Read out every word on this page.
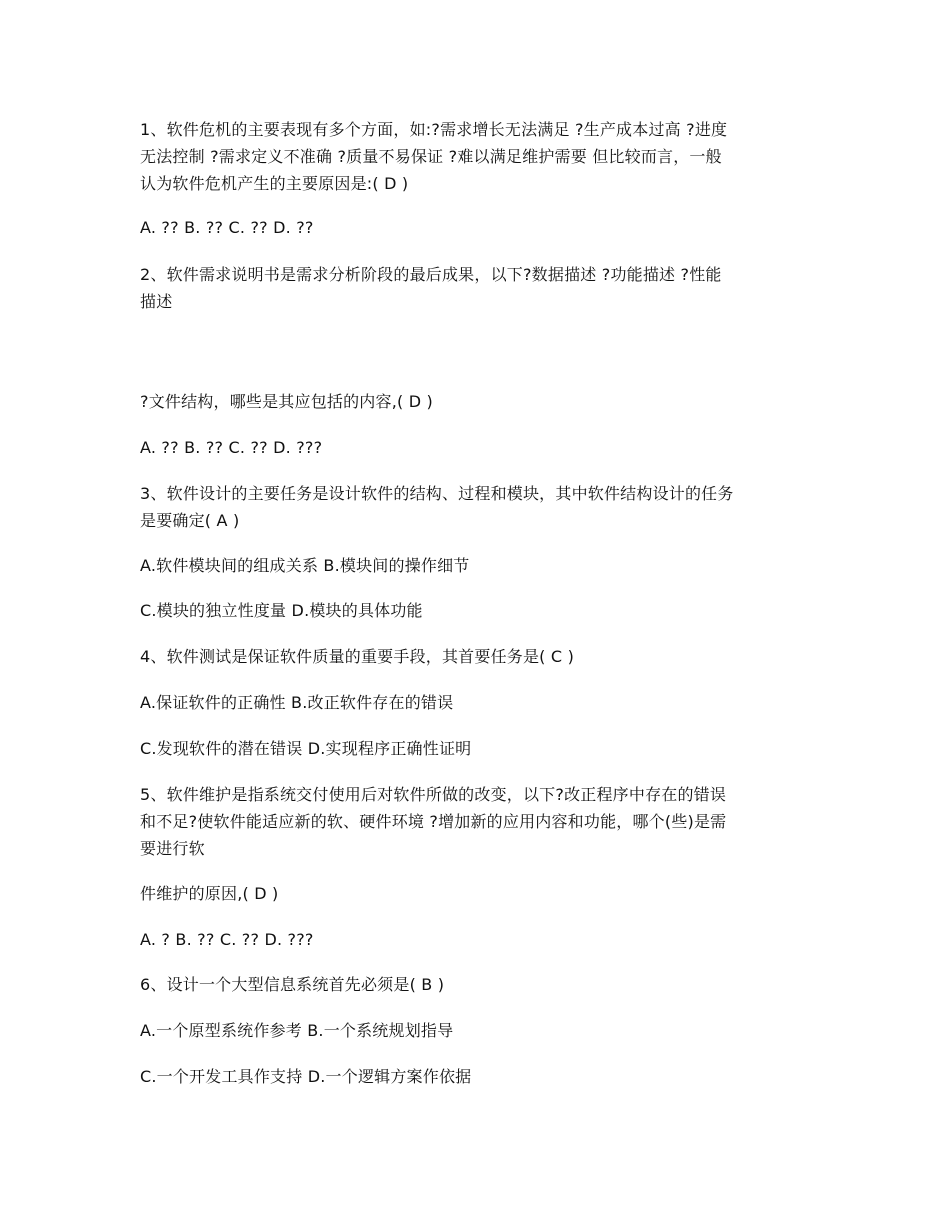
1、软件危机的主要表现有多个方面，如:?需求增长无法满足 ?生产成本过高 ?进度
无法控制 ?需求定义不准确 ?质量不易保证 ?难以满足维护需要 但比较而言，一般
认为软件危机产生的主要原因是:( D )
A. ?? B. ?? C. ?? D. ??
2、软件需求说明书是需求分析阶段的最后成果，以下?数据描述 ?功能描述 ?性能
描述
?文件结构，哪些是其应包括的内容,( D )
A. ?? B. ?? C. ?? D. ???
3、软件设计的主要任务是设计软件的结构、过程和模块，其中软件结构设计的任务
是要确定( A )
A.软件模块间的组成关系 B.模块间的操作细节
C.模块的独立性度量 D.模块的具体功能
4、软件测试是保证软件质量的重要手段，其首要任务是( C )
A.保证软件的正确性 B.改正软件存在的错误
C.发现软件的潜在错误 D.实现程序正确性证明
5、软件维护是指系统交付使用后对软件所做的改变，以下?改正程序中存在的错误
和不足?使软件能适应新的软、硬件环境 ?增加新的应用内容和功能，哪个(些)是需
要进行软
件维护的原因,( D )
A. ? B. ?? C. ?? D. ???
6、设计一个大型信息系统首先必须是( B )
A.一个原型系统作参考 B.一个系统规划指导
C.一个开发工具作支持 D.一个逻辑方案作依据
